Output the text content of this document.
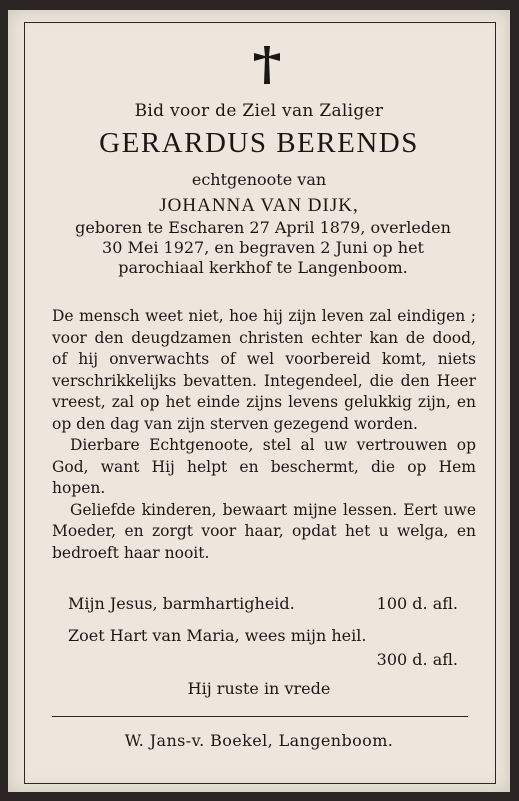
Bid voor de Ziel van Zaliger
GERARDUS BERENDS
echtgenoote van
JOHANNA VAN DIJK,
geboren te Escharen 27 April 1879, overleden
30 Mei 1927, en begraven 2 Juni op het
parochiaal kerkhof te Langenboom.

De mensch weet niet, hoe hij zijn leven zal eindigen ; voor den deugdzamen christen echter kan de dood, of hij onverwachts of wel voorbereid komt, niets verschrikkelijks bevatten. Integendeel, die den Heer vreest, zal op het einde zijns levens gelukkig zijn, en op den dag van zijn sterven gezegend worden.

Dierbare Echtgenoote, stel al uw vertrouwen op God, want Hij helpt en beschermt, die op Hem hopen.

Geliefde kinderen, bewaart mijne lessen. Eert uwe Moeder, en zorgt voor haar, opdat het u welga, en bedroeft haar nooit.

Mijn Jesus, barmhartigheid.	100 d. afl.
Zoet Hart van Maria, wees mijn heil.
300 d. afl.
Hij ruste in vrede
W. Jans-v. Boekel, Langenboom.
